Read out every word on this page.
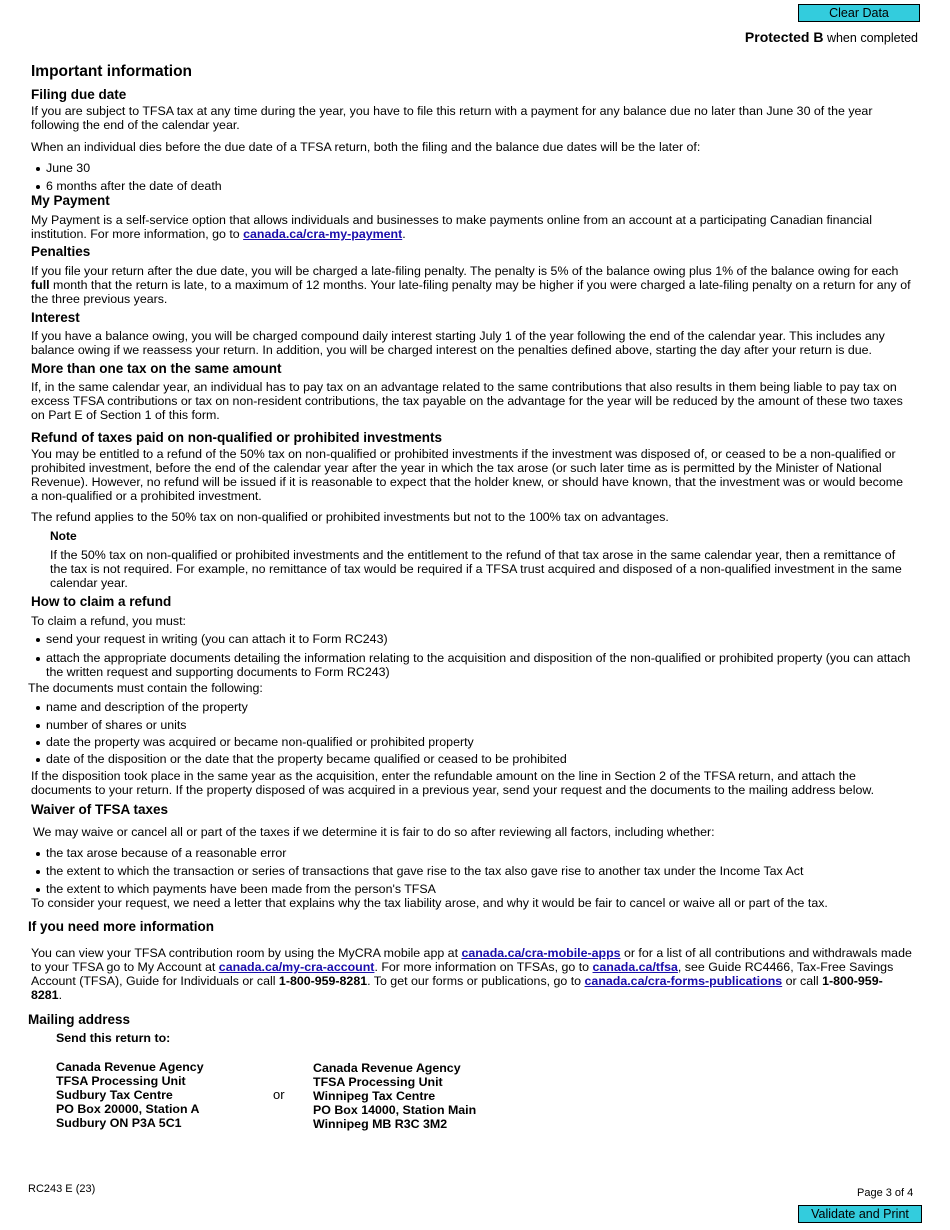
Clear Data
Protected B when completed
Important information
Filing due date

If you are subject to TFSA tax at any time during the year, you have to file this return with a payment for any balance due no later than June 30 of the year following the end of the calendar year.

When an individual dies before the due date of a TFSA return, both the filing and the balance due dates will be the later of:

June 30
6 months after the date of death
My Payment

My Payment is a self-service option that allows individuals and businesses to make payments online from an account at a participating Canadian financial institution. For more information, go to canada.ca/cra-my-payment.

Penalties

If you file your return after the due date, you will be charged a late-filing penalty. The penalty is 5% of the balance owing plus 1% of the balance owing for each full month that the return is late, to a maximum of 12 months. Your late-filing penalty may be higher if you were charged a late-filing penalty on a return for any of the three previous years.

Interest

If you have a balance owing, you will be charged compound daily interest starting July 1 of the year following the end of the calendar year. This includes any balance owing if we reassess your return. In addition, you will be charged interest on the penalties defined above, starting the day after your return is due.

More than one tax on the same amount

If, in the same calendar year, an individual has to pay tax on an advantage related to the same contributions that also results in them being liable to pay tax on excess TFSA contributions or tax on non-resident contributions, the tax payable on the advantage for the year will be reduced by the amount of these two taxes on Part E of Section 1 of this form.

Refund of taxes paid on non-qualified or prohibited investments

You may be entitled to a refund of the 50% tax on non-qualified or prohibited investments if the investment was disposed of, or ceased to be a non-qualified or prohibited investment, before the end of the calendar year after the year in which the tax arose (or such later time as is permitted by the Minister of National Revenue). However, no refund will be issued if it is reasonable to expect that the holder knew, or should have known, that the investment was or would become a non-qualified or a prohibited investment.

The refund applies to the 50% tax on non-qualified or prohibited investments but not to the 100% tax on advantages.

Note

If the 50% tax on non-qualified or prohibited investments and the entitlement to the refund of that tax arose in the same calendar year, then a remittance of the tax is not required. For example, no remittance of tax would be required if a TFSA trust acquired and disposed of a non-qualified investment in the same calendar year.

How to claim a refund

To claim a refund, you must:

send your request in writing (you can attach it to Form RC243)
attach the appropriate documents detailing the information relating to the acquisition and disposition of the non-qualified or prohibited property (you can attach the written request and supporting documents to Form RC243)

The documents must contain the following:

name and description of the property
number of shares or units
date the property was acquired or became non-qualified or prohibited property
date of the disposition or the date that the property became qualified or ceased to be prohibited

If the disposition took place in the same year as the acquisition, enter the refundable amount on the line in Section 2 of the TFSA return, and attach the documents to your return. If the property disposed of was acquired in a previous year, send your request and the documents to the mailing address below.

Waiver of TFSA taxes

We may waive or cancel all or part of the taxes if we determine it is fair to do so after reviewing all factors, including whether:

the tax arose because of a reasonable error
the extent to which the transaction or series of transactions that gave rise to the tax also gave rise to another tax under the Income Tax Act
the extent to which payments have been made from the person's TFSA

To consider your request, we need a letter that explains why the tax liability arose, and why it would be fair to cancel or waive all or part of the tax.

If you need more information

You can view your TFSA contribution room by using the MyCRA mobile app at canada.ca/cra-mobile-apps or for a list of all contributions and withdrawals made to your TFSA go to My Account at canada.ca/my-cra-account. For more information on TFSAs, go to canada.ca/tfsa, see Guide RC4466, Tax-Free Savings Account (TFSA), Guide for Individuals or call 1-800-959-8281. To get our forms or publications, go to canada.ca/cra-forms-publications or call 1-800-959-8281.

Mailing address
Send this return to:
Canada Revenue Agency
TFSA Processing Unit
Sudbury Tax Centre
PO Box 20000, Station A
Sudbury ON P3A 5C1
or
Canada Revenue Agency
TFSA Processing Unit
Winnipeg Tax Centre
PO Box 14000, Station Main
Winnipeg MB R3C 3M2
RC243 E (23)	Page 3 of 4
Validate and Print
